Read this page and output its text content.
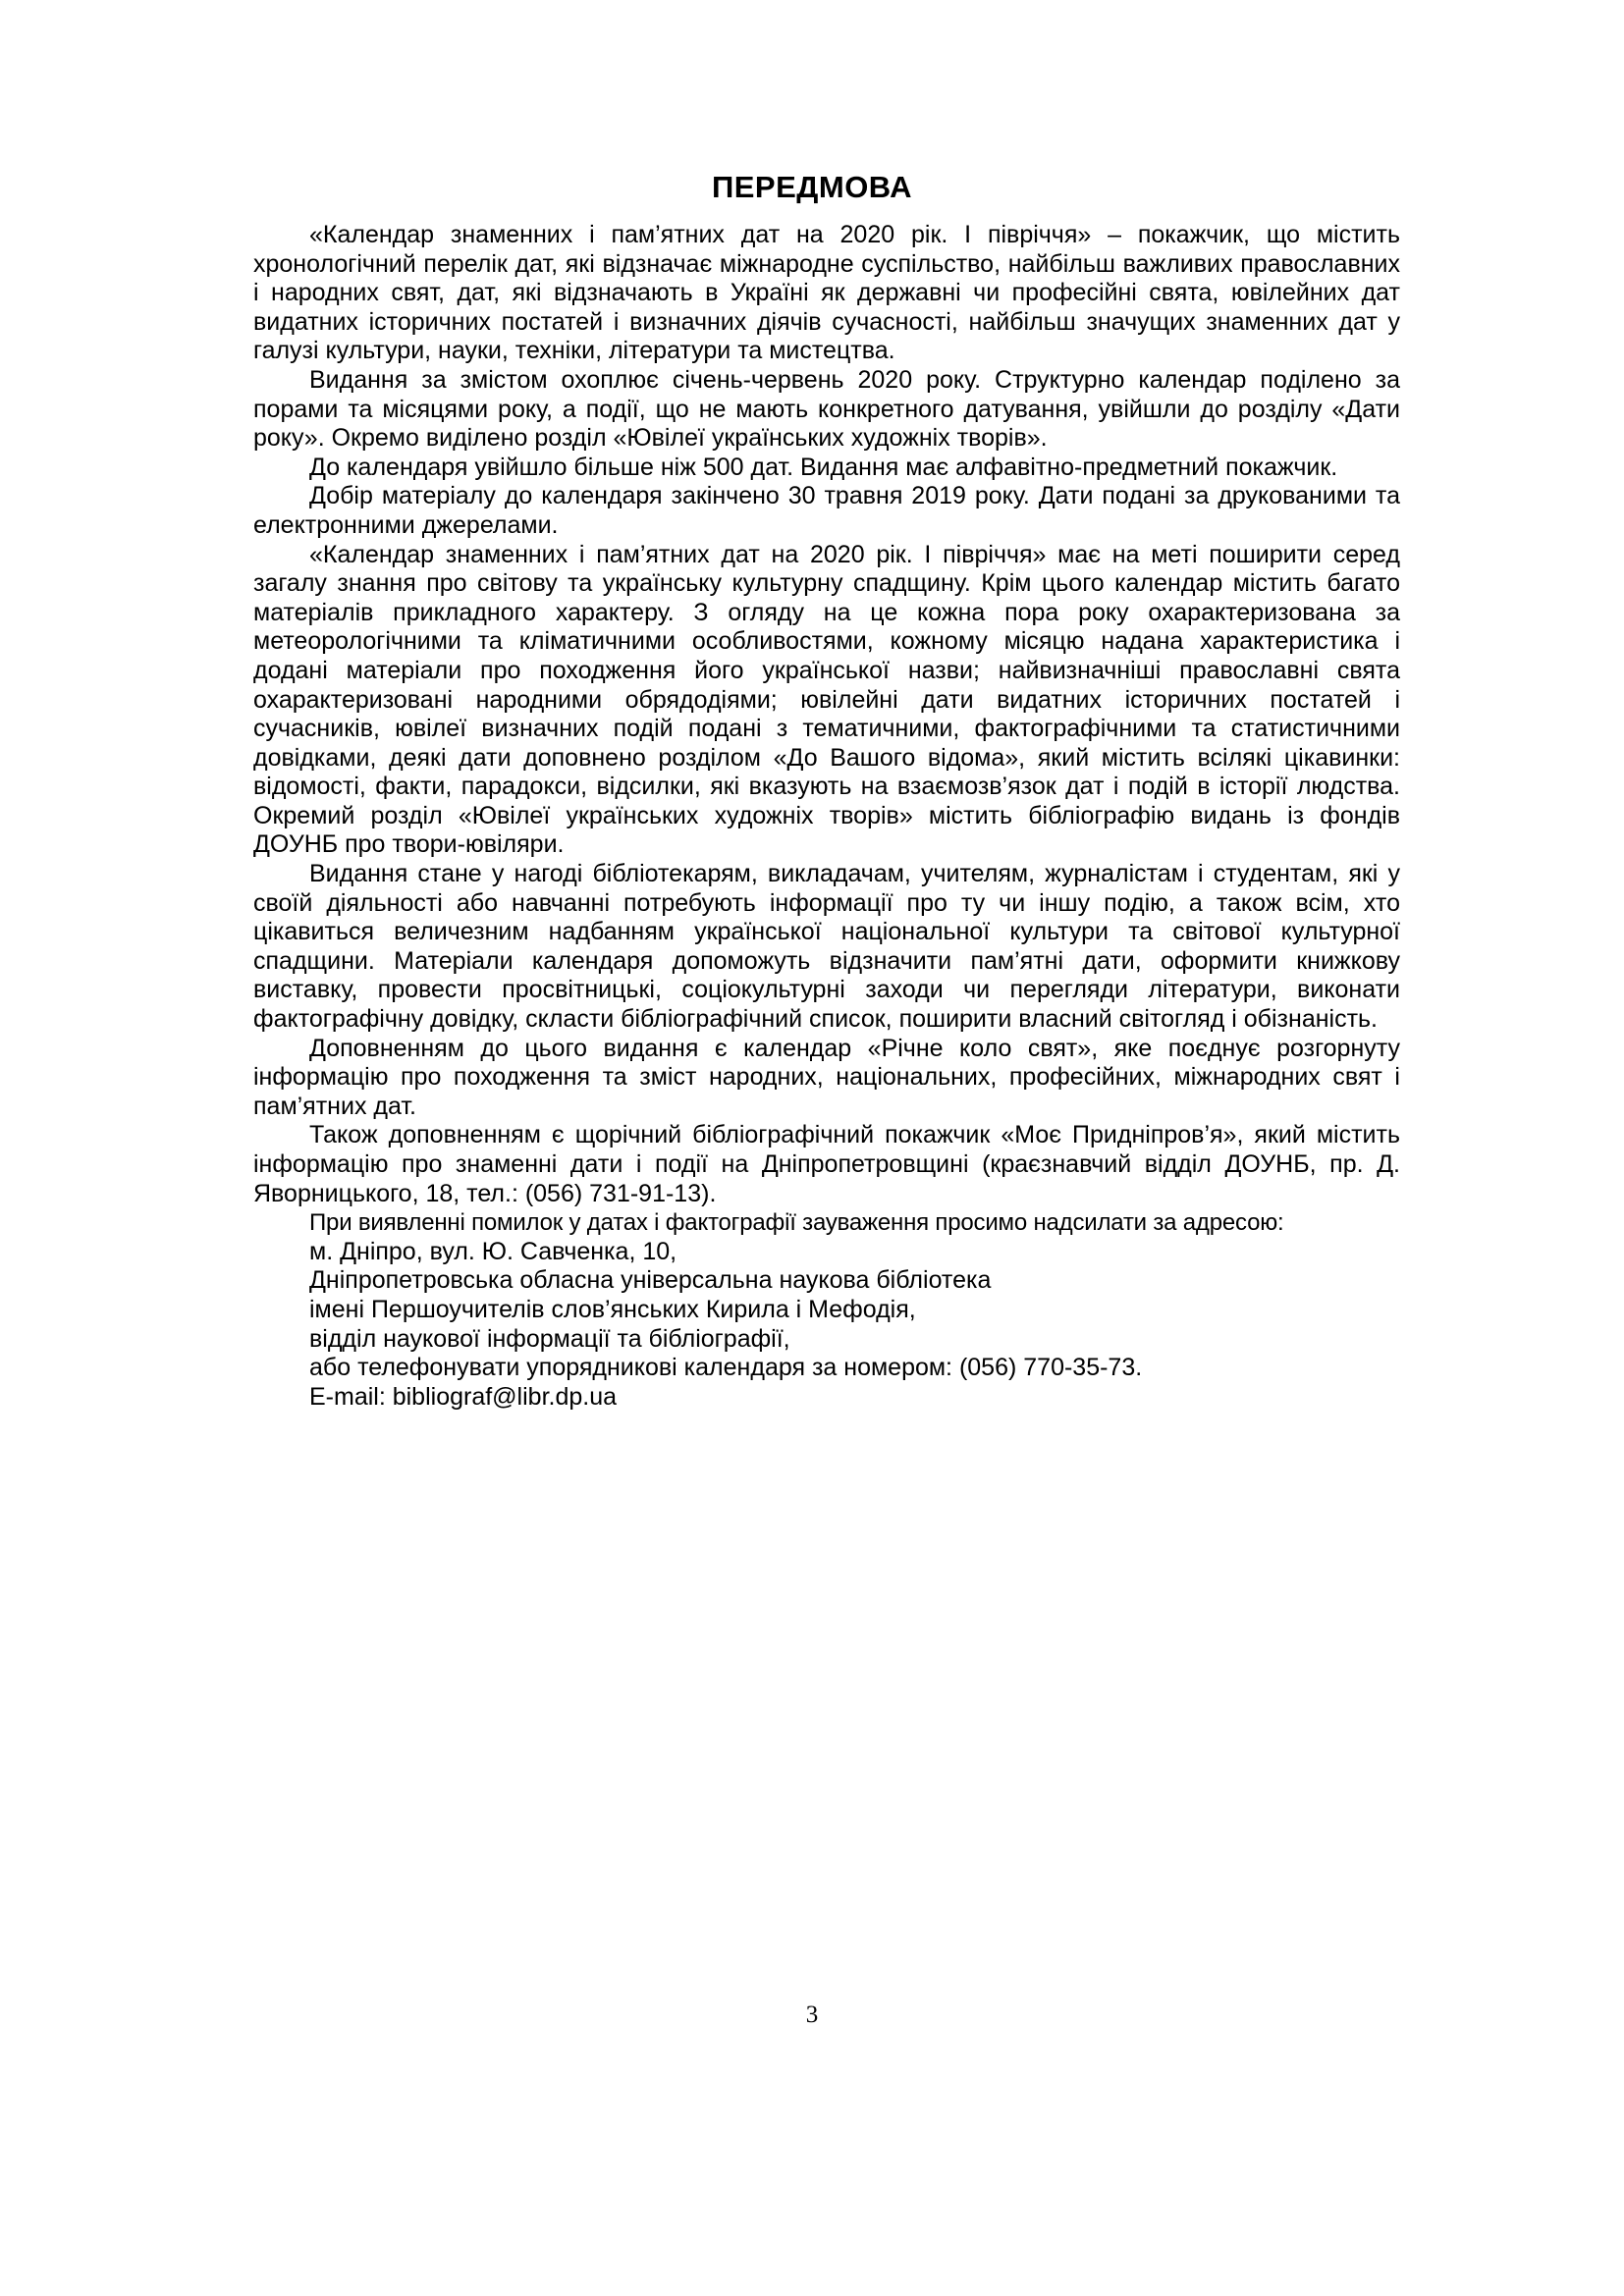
ПЕРЕДМОВА

«Календар знаменних і пам’ятних дат на 2020 рік. І півріччя» – покажчик, що містить хронологічний перелік дат, які відзначає міжнародне суспільство, найбільш важливих православних і народних свят, дат, які відзначають в Україні як державні чи професійні свята, ювілейних дат видатних історичних постатей і визначних діячів сучасності, найбільш значущих знаменних дат у галузі культури, науки, техніки, літератури та мистецтва.

Видання за змістом охоплює січень-червень 2020 року. Структурно календар поділено за порами та місяцями року, а події, що не мають конкретного датування, увійшли до розділу «Дати року». Окремо виділено розділ «Ювілеї українських художніх творів».

До календаря увійшло більше ніж 500 дат. Видання має алфавітно-предметний покажчик.

Добір матеріалу до календаря закінчено 30 травня 2019 року. Дати подані за друкованими та електронними джерелами.

«Календар знаменних і пам’ятних дат на 2020 рік. І півріччя» має на меті поширити серед загалу знання про світову та українську культурну спадщину. Крім цього календар містить багато матеріалів прикладного характеру. З огляду на це кожна пора року охарактеризована за метеорологічними та кліматичними особливостями, кожному місяцю надана характеристика і додані матеріали про походження його української назви; найвизначніші православні свята охарактеризовані народними обрядодіями; ювілейні дати видатних історичних постатей і сучасників, ювілеї визначних подій подані з тематичними, фактографічними та статистичними довідками, деякі дати доповнено розділом «До Вашого відома», який містить всілякі цікавинки: відомості, факти, парадокси, відсилки, які вказують на взаємозв’язок дат і подій в історії людства. Окремий розділ «Ювілеї українських художніх творів» містить бібліографію видань із фондів ДОУНБ про твори-ювіляри.

Видання стане у нагоді бібліотекарям, викладачам, учителям, журналістам і студентам, які у своїй діяльності або навчанні потребують інформації про ту чи іншу подію, а також всім, хто цікавиться величезним надбанням української національної культури та світової культурної спадщини. Матеріали календаря допоможуть відзначити пам’ятні дати, оформити книжкову виставку, провести просвітницькі, соціокультурні заходи чи перегляди літератури, виконати фактографічну довідку, скласти бібліографічний список, поширити власний світогляд і обізнаність.

Доповненням до цього видання є календар «Річне коло свят», яке поєднує розгорнуту інформацію про походження та зміст народних, національних, професійних, міжнародних свят і пам’ятних дат.

Також доповненням є щорічний бібліографічний покажчик «Моє Придніпров’я», який містить інформацію про знаменні дати і події на Дніпропетровщині (краєзнавчий відділ ДОУНБ, пр. Д. Яворницького, 18, тел.: (056) 731-91-13).

При виявленні помилок у датах і фактографії зауваження просимо надсилати за адресою:

м. Дніпро, вул. Ю. Савченка, 10,

Дніпропетровська обласна універсальна наукова бібліотека

імені Першоучителів слов’янських Кирила і Мефодія,

відділ наукової інформації та бібліографії,

або телефонувати упорядникові календаря за номером: (056) 770-35-73.

E-mail: bibliograf@libr.dp.ua

3
